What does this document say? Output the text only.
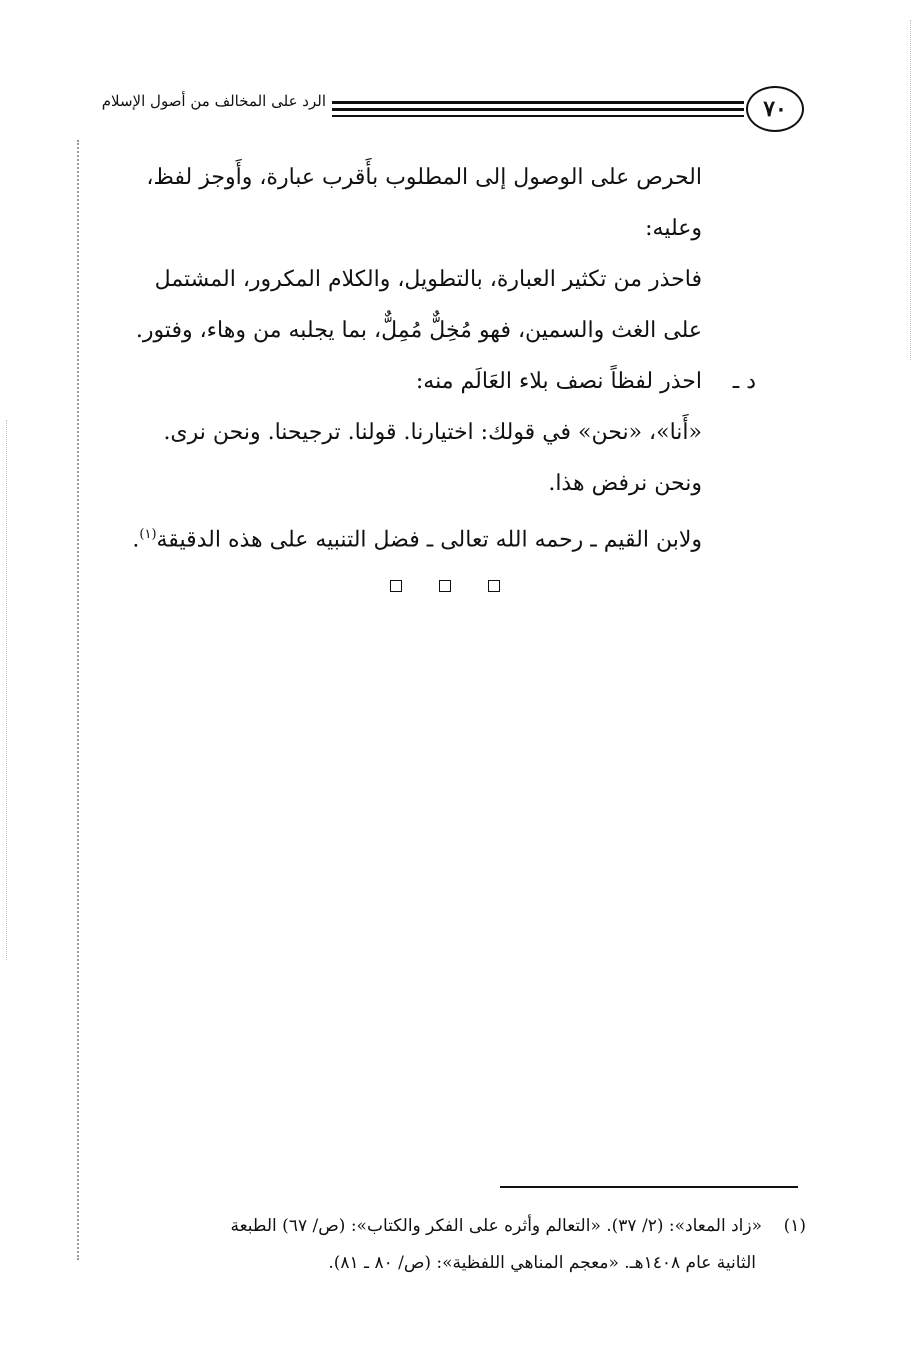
٧٠
الرد على المخالف من أصول الإسلام

الحرص على الوصول إلى المطلوب بأَقرب عبارة، وأَوجز لفظ،

وعليه:

فاحذر من تكثير العبارة، بالتطويل، والكلام المكرور، المشتمل

على الغث والسمين، فهو مُخِلٌّ مُمِلٌّ، بما يجلبه من وهاء، وفتور.

د ـ
احذر لفظاً نصف بلاء العَالَم منه:

«أَنا»، «نحن» في قولك: اختيارنا. قولنا. ترجيحنا. ونحن نرى.

ونحن نرفض هذا.

ولابن القيم ـ رحمه الله تعالى ـ فضل التنبيه على هذه الدقيقة$^{(١)}$.

(١)«زاد المعاد»: (٢/ ٣٧). «التعالم وأثره على الفكر والكتاب»: (ص/ ٦٧) الطبعة

الثانية عام ١٤٠٨هـ. «معجم المناهي اللفظية»: (ص/ ٨٠ ـ ٨١).
